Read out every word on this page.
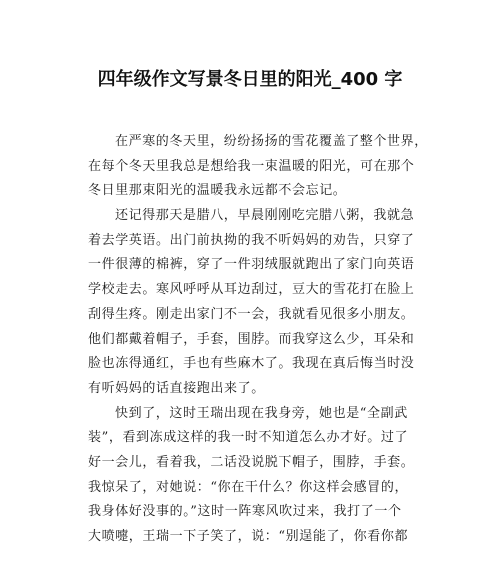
四年级作文写景冬日里的阳光_400 字
在严寒的冬天里，纷纷扬扬的雪花覆盖了整个世界，
在每个冬天里我总是想给我一束温暖的阳光，可在那个
冬日里那束阳光的温暖我永远都不会忘记。
还记得那天是腊八，早晨刚刚吃完腊八粥，我就急
着去学英语。出门前执拗的我不听妈妈的劝告，只穿了
一件很薄的棉裤，穿了一件羽绒服就跑出了家门向英语
学校走去。寒风呼呼从耳边刮过，豆大的雪花打在脸上
刮得生疼。刚走出家门不一会，我就看见很多小朋友。
他们都戴着帽子，手套，围脖。而我穿这么少，耳朵和
脸也冻得通红，手也有些麻木了。我现在真后悔当时没
有听妈妈的话直接跑出来了。
快到了，这时王瑞出现在我身旁，她也是“全副武
装”，看到冻成这样的我一时不知道怎么办才好。过了
好一会儿，看着我，二话没说脱下帽子，围脖，手套。
我惊呆了，对她说：“你在干什么？你这样会感冒的，
我身体好没事的。”这时一阵寒风吹过来，我打了一个
大喷嚏，王瑞一下子笑了，说：“别逞能了，你看你都
